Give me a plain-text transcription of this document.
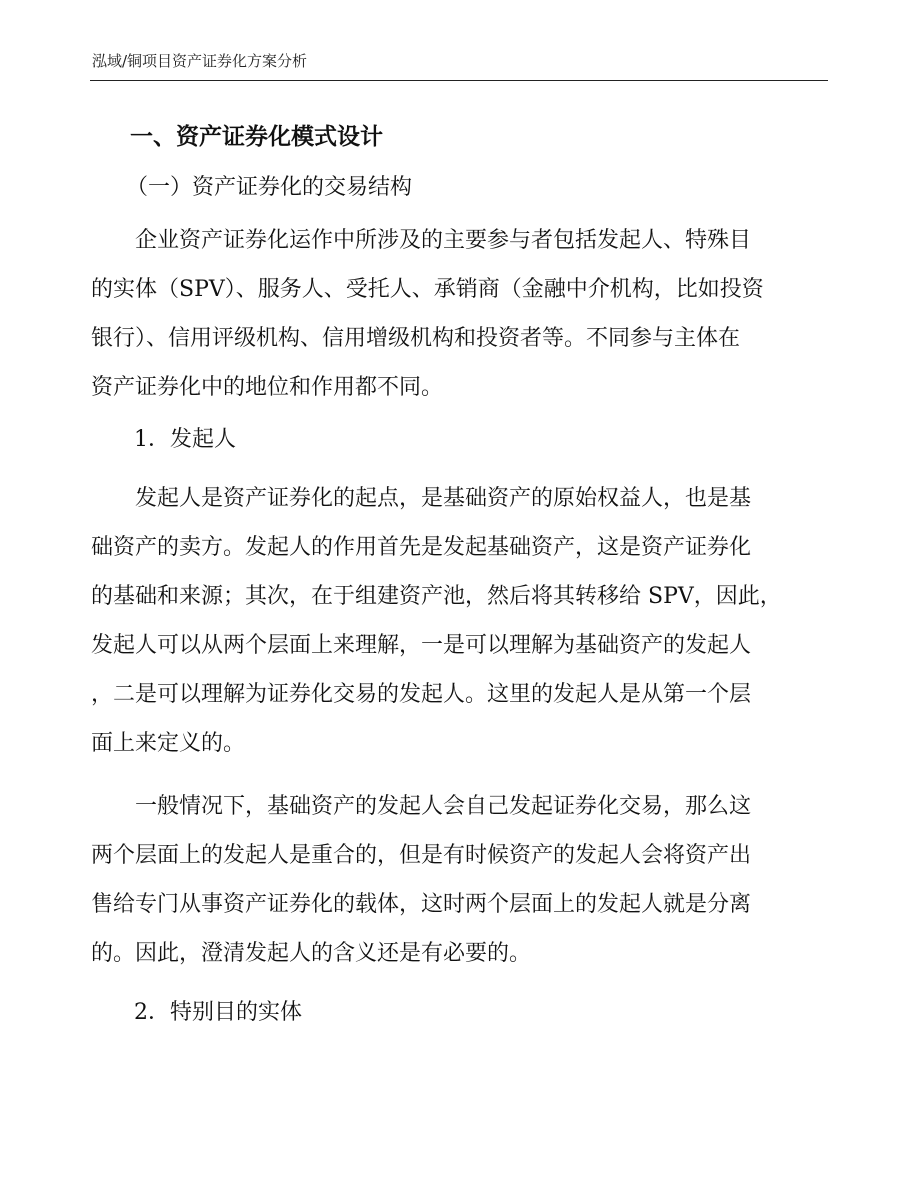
泓域/铜项目资产证券化方案分析
一、资产证券化模式设计
（一）资产证券化的交易结构
企业资产证券化运作中所涉及的主要参与者包括发起人、特殊目
的实体（SPV）、服务人、受托人、承销商（金融中介机构，比如投资
银行）、信用评级机构、信用增级机构和投资者等。不同参与主体在
资产证券化中的地位和作用都不同。
1．发起人
发起人是资产证券化的起点，是基础资产的原始权益人，也是基
础资产的卖方。发起人的作用首先是发起基础资产，这是资产证券化
的基础和来源；其次，在于组建资产池，然后将其转移给 SPV，因此，
发起人可以从两个层面上来理解，一是可以理解为基础资产的发起人
，二是可以理解为证券化交易的发起人。这里的发起人是从第一个层
面上来定义的。
一般情况下，基础资产的发起人会自己发起证券化交易，那么这
两个层面上的发起人是重合的，但是有时候资产的发起人会将资产出
售给专门从事资产证券化的载体，这时两个层面上的发起人就是分离
的。因此，澄清发起人的含义还是有必要的。
2．特别目的实体
